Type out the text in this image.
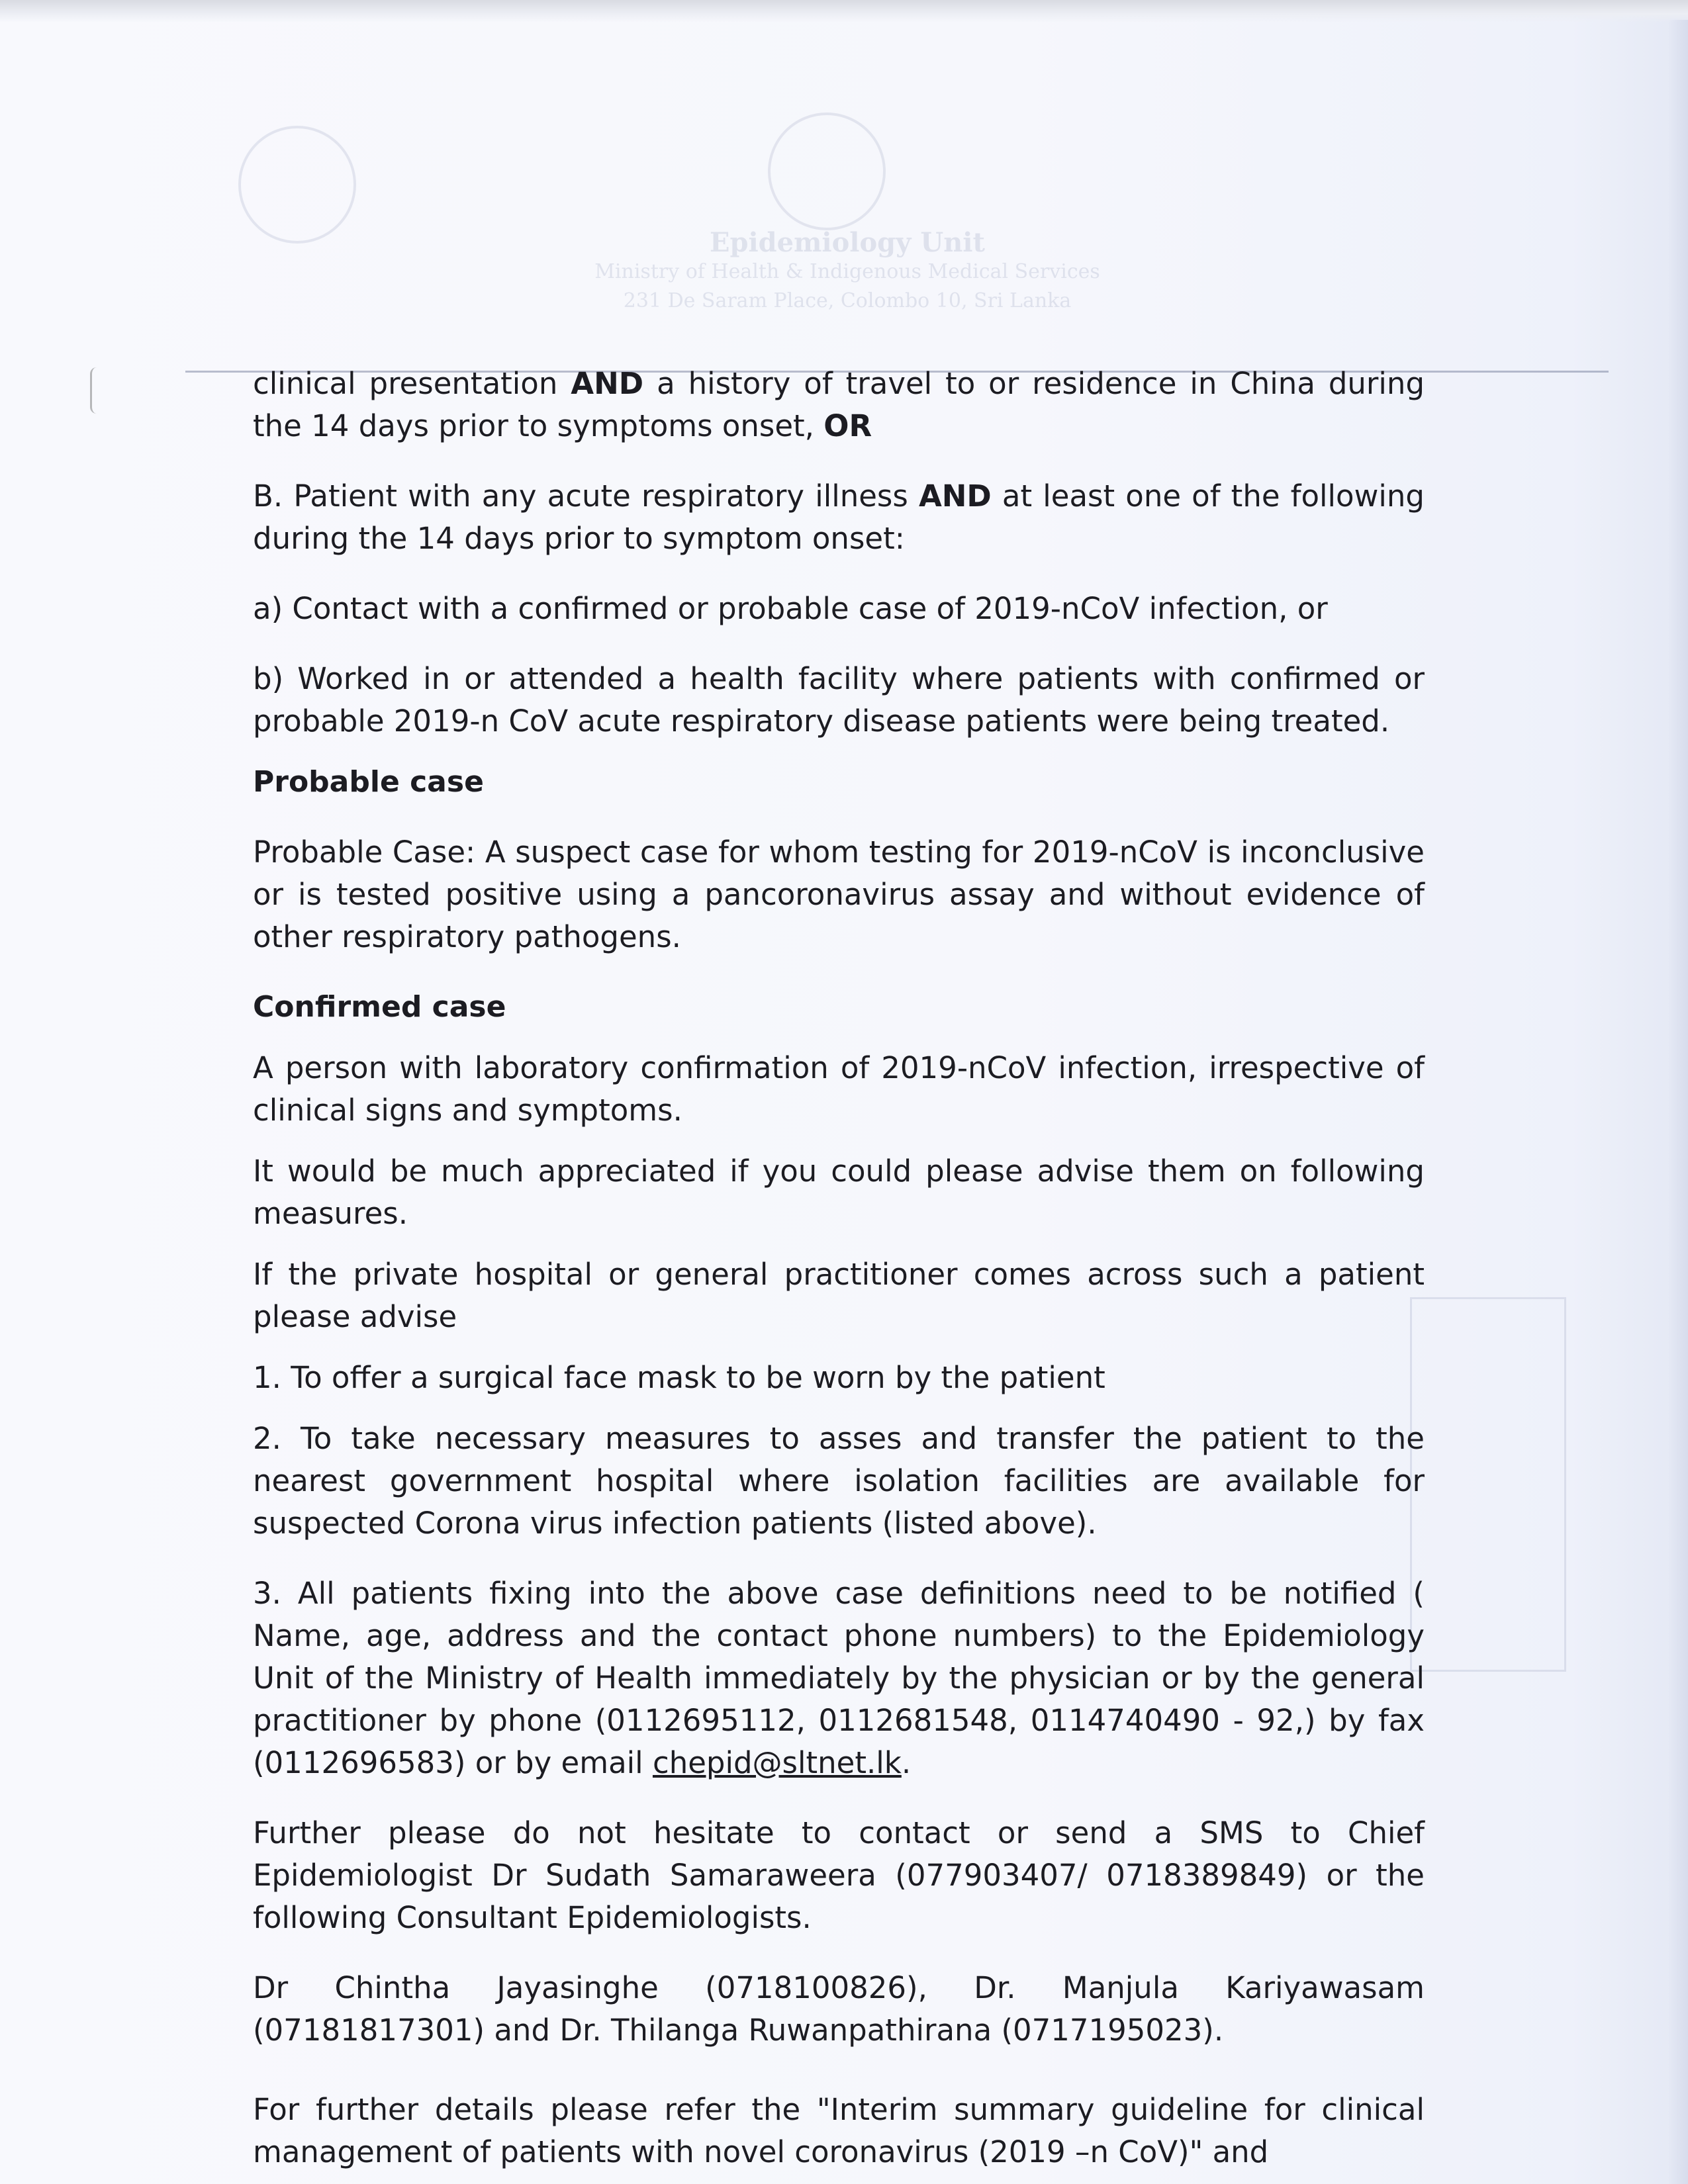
Epidemiology Unit
Ministry of Health & Indigenous Medical Services
231 De Saram Place, Colombo 10, Sri Lanka

clinical presentation AND a history of travel to or residence in China during the 14 days prior to symptoms onset, OR

B. Patient with any acute respiratory illness AND at least one of the following during the 14 days prior to symptom onset:

a) Contact with a confirmed or probable case of 2019-nCoV infection, or

b) Worked in or attended a health facility where patients with confirmed or probable 2019-n CoV acute respiratory disease patients were being treated.

Probable case

Probable Case: A suspect case for whom testing for 2019-nCoV is inconclusive or is tested positive using a pancoronavirus assay and without evidence of other respiratory pathogens.

Confirmed case

A person with laboratory confirmation of 2019-nCoV infection, irrespective of clinical signs and symptoms.

It would be much appreciated if you could please advise them on following measures.

If the private hospital or general practitioner comes across such a patient please advise

1. To offer a surgical face mask to be worn by the patient

2. To take necessary measures to asses and transfer the patient to the nearest government hospital where isolation facilities are available for suspected Corona virus infection patients (listed above).

3. All patients fixing into the above case definitions need to be notified ( Name, age, address and the contact phone numbers) to the Epidemiology Unit of the Ministry of Health immediately by the physician or by the general practitioner by phone (0112695112, 0112681548, 0114740490 - 92,) by fax (0112696583) or by email chepid@sltnet.lk.

Further please do not hesitate to contact or send a SMS to Chief Epidemiologist Dr Sudath Samaraweera (077903407/ 0718389849) or the following Consultant Epidemiologists.

Dr Chintha Jayasinghe (0718100826), Dr. Manjula Kariyawasam (07181817301) and Dr. Thilanga Ruwanpathirana (0717195023).

For further details please refer the "Interim summary guideline for clinical management of patients with novel coronavirus (2019 –n CoV)" and
